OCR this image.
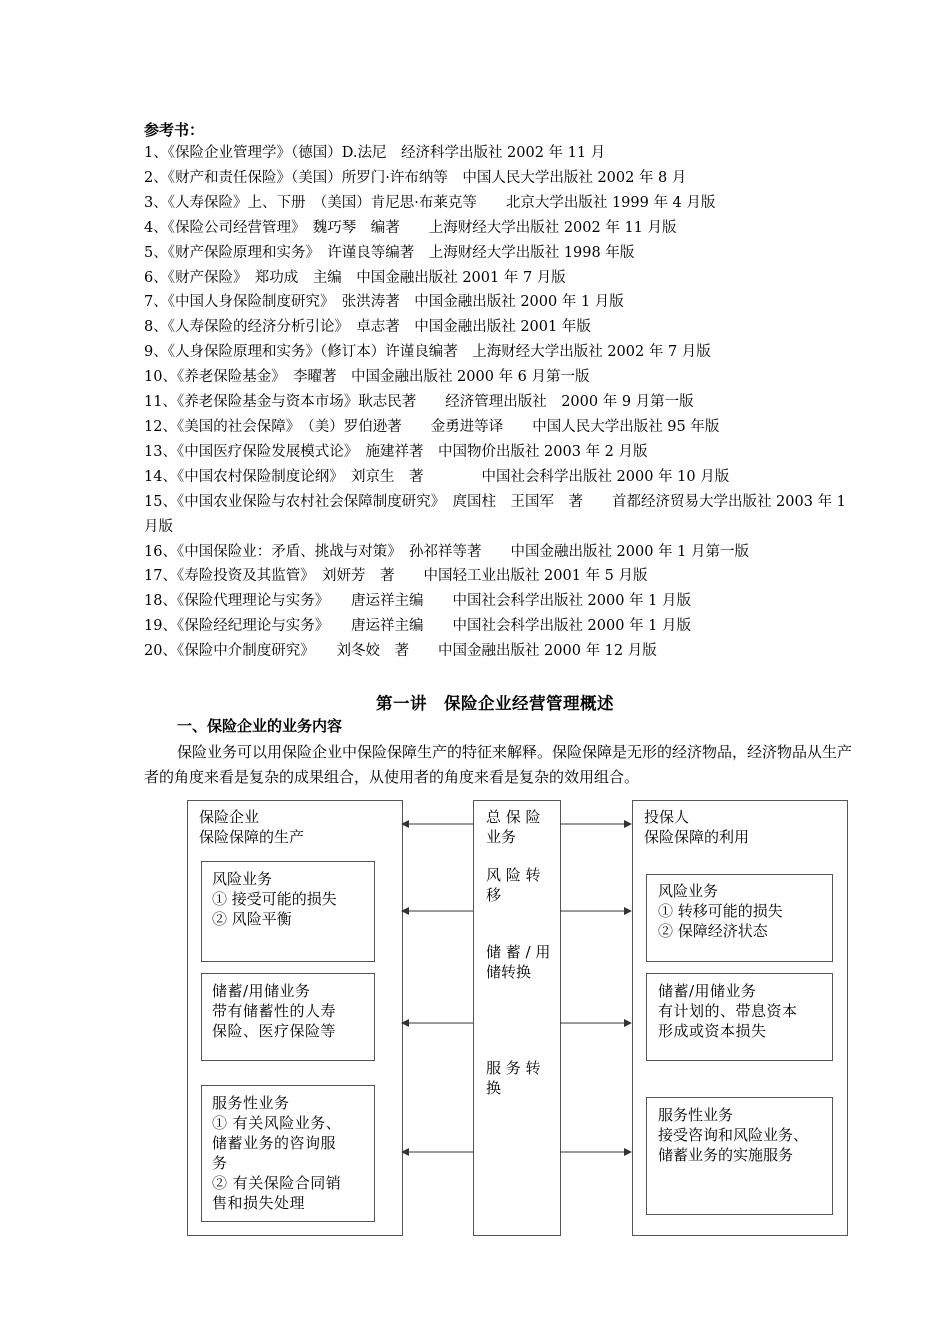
参考书：
1、《保险企业管理学》（德国）D.法尼　经济科学出版社 2002 年 11 月
2、《财产和责任保险》（美国）所罗门·许布纳等　中国人民大学出版社 2002 年 8 月
3、《人寿保险》上、下册　（美国）肯尼思·布莱克等　　北京大学出版社 1999 年 4 月版
4、《保险公司经营管理》　魏巧琴　编著　　上海财经大学出版社 2002 年 11 月版
5、《财产保险原理和实务》　许谨良等编著　上海财经大学出版社 1998 年版
6、《财产保险》　郑功成　主编　中国金融出版社 2001 年 7 月版
7、《中国人身保险制度研究》　张洪涛著　中国金融出版社 2000 年 1 月版
8、《人寿保险的经济分析引论》　卓志著　中国金融出版社 2001 年版
9、《人身保险原理和实务》（修订本）许谨良编著　上海财经大学出版社 2002 年 7 月版
10、《养老保险基金》　李曜著　中国金融出版社 2000 年 6 月第一版
11、《养老保险基金与资本市场》耿志民著　　经济管理出版社　2000 年 9 月第一版
12、《美国的社会保障》　（美）罗伯逊著　　金勇进等译　　中国人民大学出版社 95 年版
13、《中国医疗保险发展模式论》　施建祥著　中国物价出版社 2003 年 2 月版
14、《中国农村保险制度论纲》　刘京生　著　　　　中国社会科学出版社 2000 年 10 月版
15、《中国农业保险与农村社会保障制度研究》　庹国柱　王国军　著　　首都经济贸易大学出版社 2003 年 1 月版
16、《中国保险业：矛盾、挑战与对策》　孙祁祥等著　　中国金融出版社 2000 年 1 月第一版
17、《寿险投资及其监管》　刘妍芳　著　　中国轻工业出版社 2001 年 5 月版
18、《保险代理理论与实务》　　唐运祥主编　　中国社会科学出版社 2000 年 1 月版
19、《保险经纪理论与实务》　　唐运祥主编　　中国社会科学出版社 2000 年 1 月版
20、《保险中介制度研究》　　刘冬姣　著　　中国金融出版社 2000 年 12 月版
第一讲　保险企业经营管理概述
一、保险企业的业务内容

保险业务可以用保险企业中保险保障生产的特征来解释。保险保障是无形的经济物品，经济物品从生产者的角度来看是复杂的成果组合，从使用者的角度来看是复杂的效用组合。

保险企业
保险保障的生产
风险业务
① 接受可能的损失
② 风险平衡
储蓄/用储业务
带有储蓄性的人寿
保险、医疗保险等
服务性业务
① 有关风险业务、
储蓄业务的咨询服
务
② 有关保险合同销
售和损失处理
总 保 险
业务
风 险 转
移
储 蓄 / 用
储转换
服 务 转
换
投保人
保险保障的利用
风险业务
① 转移可能的损失
② 保障经济状态
储蓄/用储业务
有计划的、带息资本
形成或资本损失
服务性业务
接受咨询和风险业务、
储蓄业务的实施服务
